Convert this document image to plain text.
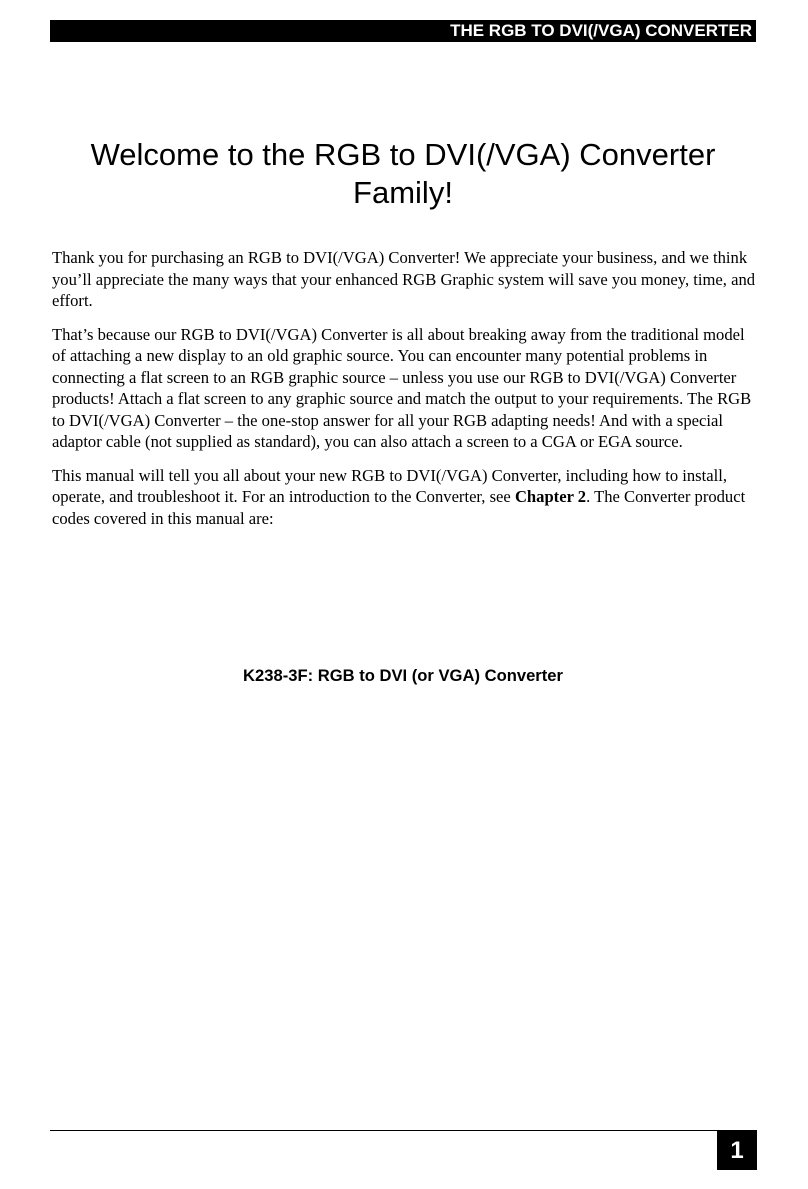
THE RGB TO DVI(/VGA) CONVERTER
Welcome to the RGB to DVI(/VGA) Converter
Family!

Thank you for purchasing an RGB to DVI(/VGA) Converter! We appreciate your business, and we think you’ll appreciate the many ways that your enhanced RGB Graphic system will save you money, time, and effort.

That’s because our RGB to DVI(/VGA) Converter is all about breaking away from the traditional model of attaching a new display to an old graphic source. You can encounter many potential problems in connecting a flat screen to an RGB graphic source – unless you use our RGB to DVI(/VGA) Converter products! Attach a flat screen to any graphic source and match the output to your requirements. The RGB to DVI(/VGA) Converter – the one-stop answer for all your RGB adapting needs! And with a special adaptor cable (not supplied as standard), you can also attach a screen to a CGA or EGA source.

This manual will tell you all about your new RGB to DVI(/VGA) Converter, including how to install, operate, and troubleshoot it. For an introduction to the Converter, see Chapter 2. The Converter product codes covered in this manual are:

K238-3F: RGB to DVI (or VGA) Converter
1
